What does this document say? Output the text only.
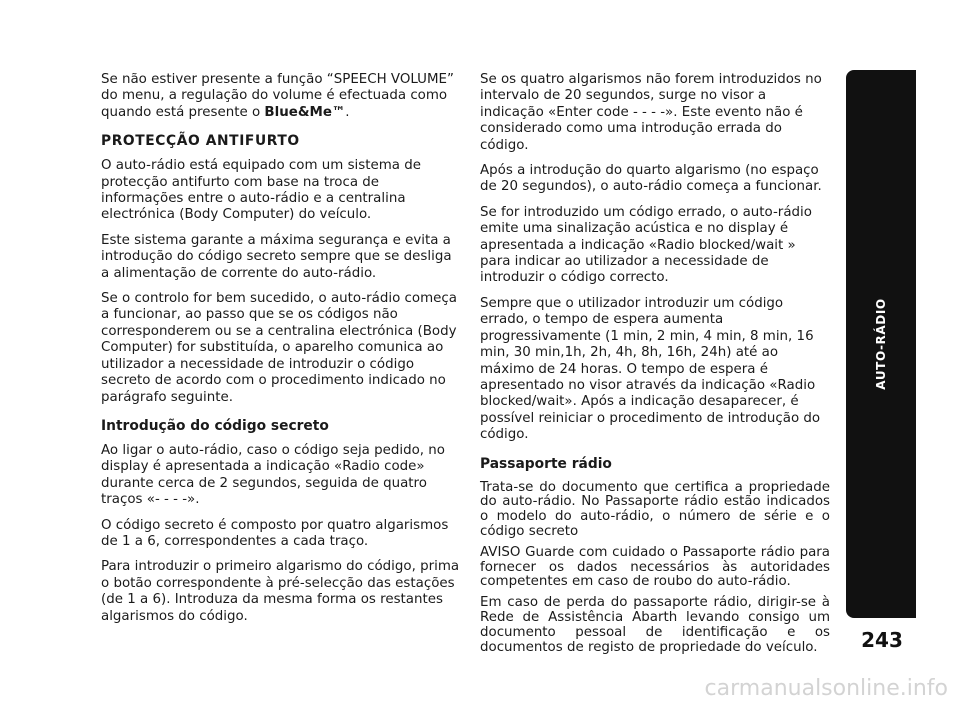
Se não estiver presente a função “SPEECH VOLUME” do menu, a regulação do volume é efectuada como quando está presente o Blue&Me™.

PROTECÇÃO ANTIFURTO

O auto-rádio está equipado com um sistema de protecção antifurto com base na troca de informações entre o auto-rádio e a centralina electrónica (Body Computer) do veículo.

Este sistema garante a máxima segurança e evita a introdução do código secreto sempre que se desliga a alimentação de corrente do auto-rádio.

Se o controlo for bem sucedido, o auto-rádio começa a funcionar, ao passo que se os códigos não corresponderem ou se a centralina electrónica (Body Computer) for substituída, o aparelho comunica ao utilizador a necessidade de introduzir o código secreto de acordo com o procedimento indicado no parágrafo seguinte.

Introdução do código secreto

Ao ligar o auto-rádio, caso o código seja pedido, no display é apresentada a indicação «Radio code» durante cerca de 2 segundos, seguida de quatro traços «- - - -».

O código secreto é composto por quatro algarismos de 1 a 6, correspondentes a cada traço.

Para introduzir o primeiro algarismo do código, prima o botão correspondente à pré-selecção das estações (de 1 a 6). Introduza da mesma forma os restantes algarismos do código.

Se os quatro algarismos não forem introduzidos no intervalo de 20 segundos, surge no visor a indicação «Enter code - - - -». Este evento não é considerado como uma introdução errada do código.

Após a introdução do quarto algarismo (no espaço de 20 segundos), o auto-rádio começa a funcionar.

Se for introduzido um código errado, o auto-rádio emite uma sinalização acústica e no display é apresentada a indicação «Radio blocked/wait » para indicar ao utilizador a necessidade de introduzir o código correcto.

Sempre que o utilizador introduzir um código errado, o tempo de espera aumenta progressivamente (1 min, 2 min, 4 min, 8 min, 16 min, 30 min,1h, 2h, 4h, 8h, 16h, 24h) até ao máximo de 24 horas. O tempo de espera é apresentado no visor através da indicação «Radio blocked/wait». Após a indicação desaparecer, é possível reiniciar o procedimento de introdução do código.

Passaporte rádio

Trata-se do documento que certifica a propriedade do auto-rádio. No Passaporte rádio estão indicados o modelo do auto-rádio, o número de série e o código secreto

AVISO Guarde com cuidado o Passaporte rádio para fornecer os dados necessários às autoridades competentes em caso de roubo do auto-rádio.

Em caso de perda do passaporte rádio, dirigir-se à Rede de Assistência Abarth levando consigo um documento pessoal de identificação e os documentos de registo de propriedade do veículo.

AUTO-RÁDIO
243
carmanualsonline.info
